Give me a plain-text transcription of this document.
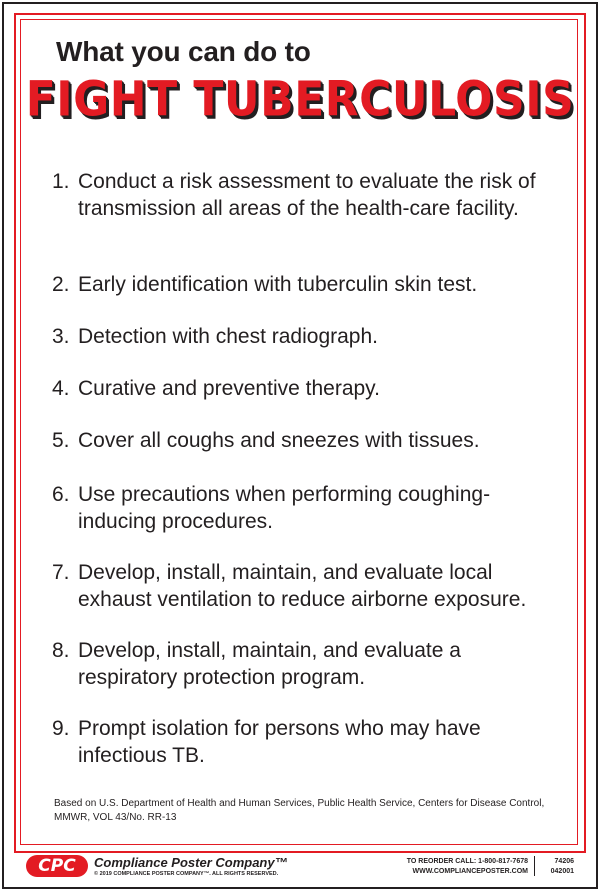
What you can do to
FIGHT TUBERCULOSIS
1. Conduct a risk assessment to evaluate the risk of transmission all areas of the health-care facility.
2. Early identification with tuberculin skin test.
3. Detection with chest radiograph.
4. Curative and preventive therapy.
5. Cover all coughs and sneezes with tissues.
6. Use precautions when performing coughing-inducing procedures.
7. Develop, install, maintain, and evaluate local exhaust ventilation to reduce airborne exposure.
8. Develop, install, maintain, and evaluate a respiratory protection program.
9. Prompt isolation for persons who may have infectious TB.
Based on U.S. Department of Health and Human Services, Public Health Service, Centers for Disease Control, MMWR, VOL 43/No. RR-13
CPC	Compliance Poster Company™
© 2019 COMPLIANCE POSTER COMPANY™. ALL RIGHTS RESERVED.
TO REORDER CALL: 1-800-817-7678
WWW.COMPLIANCEPOSTER.COM
74206
042001
